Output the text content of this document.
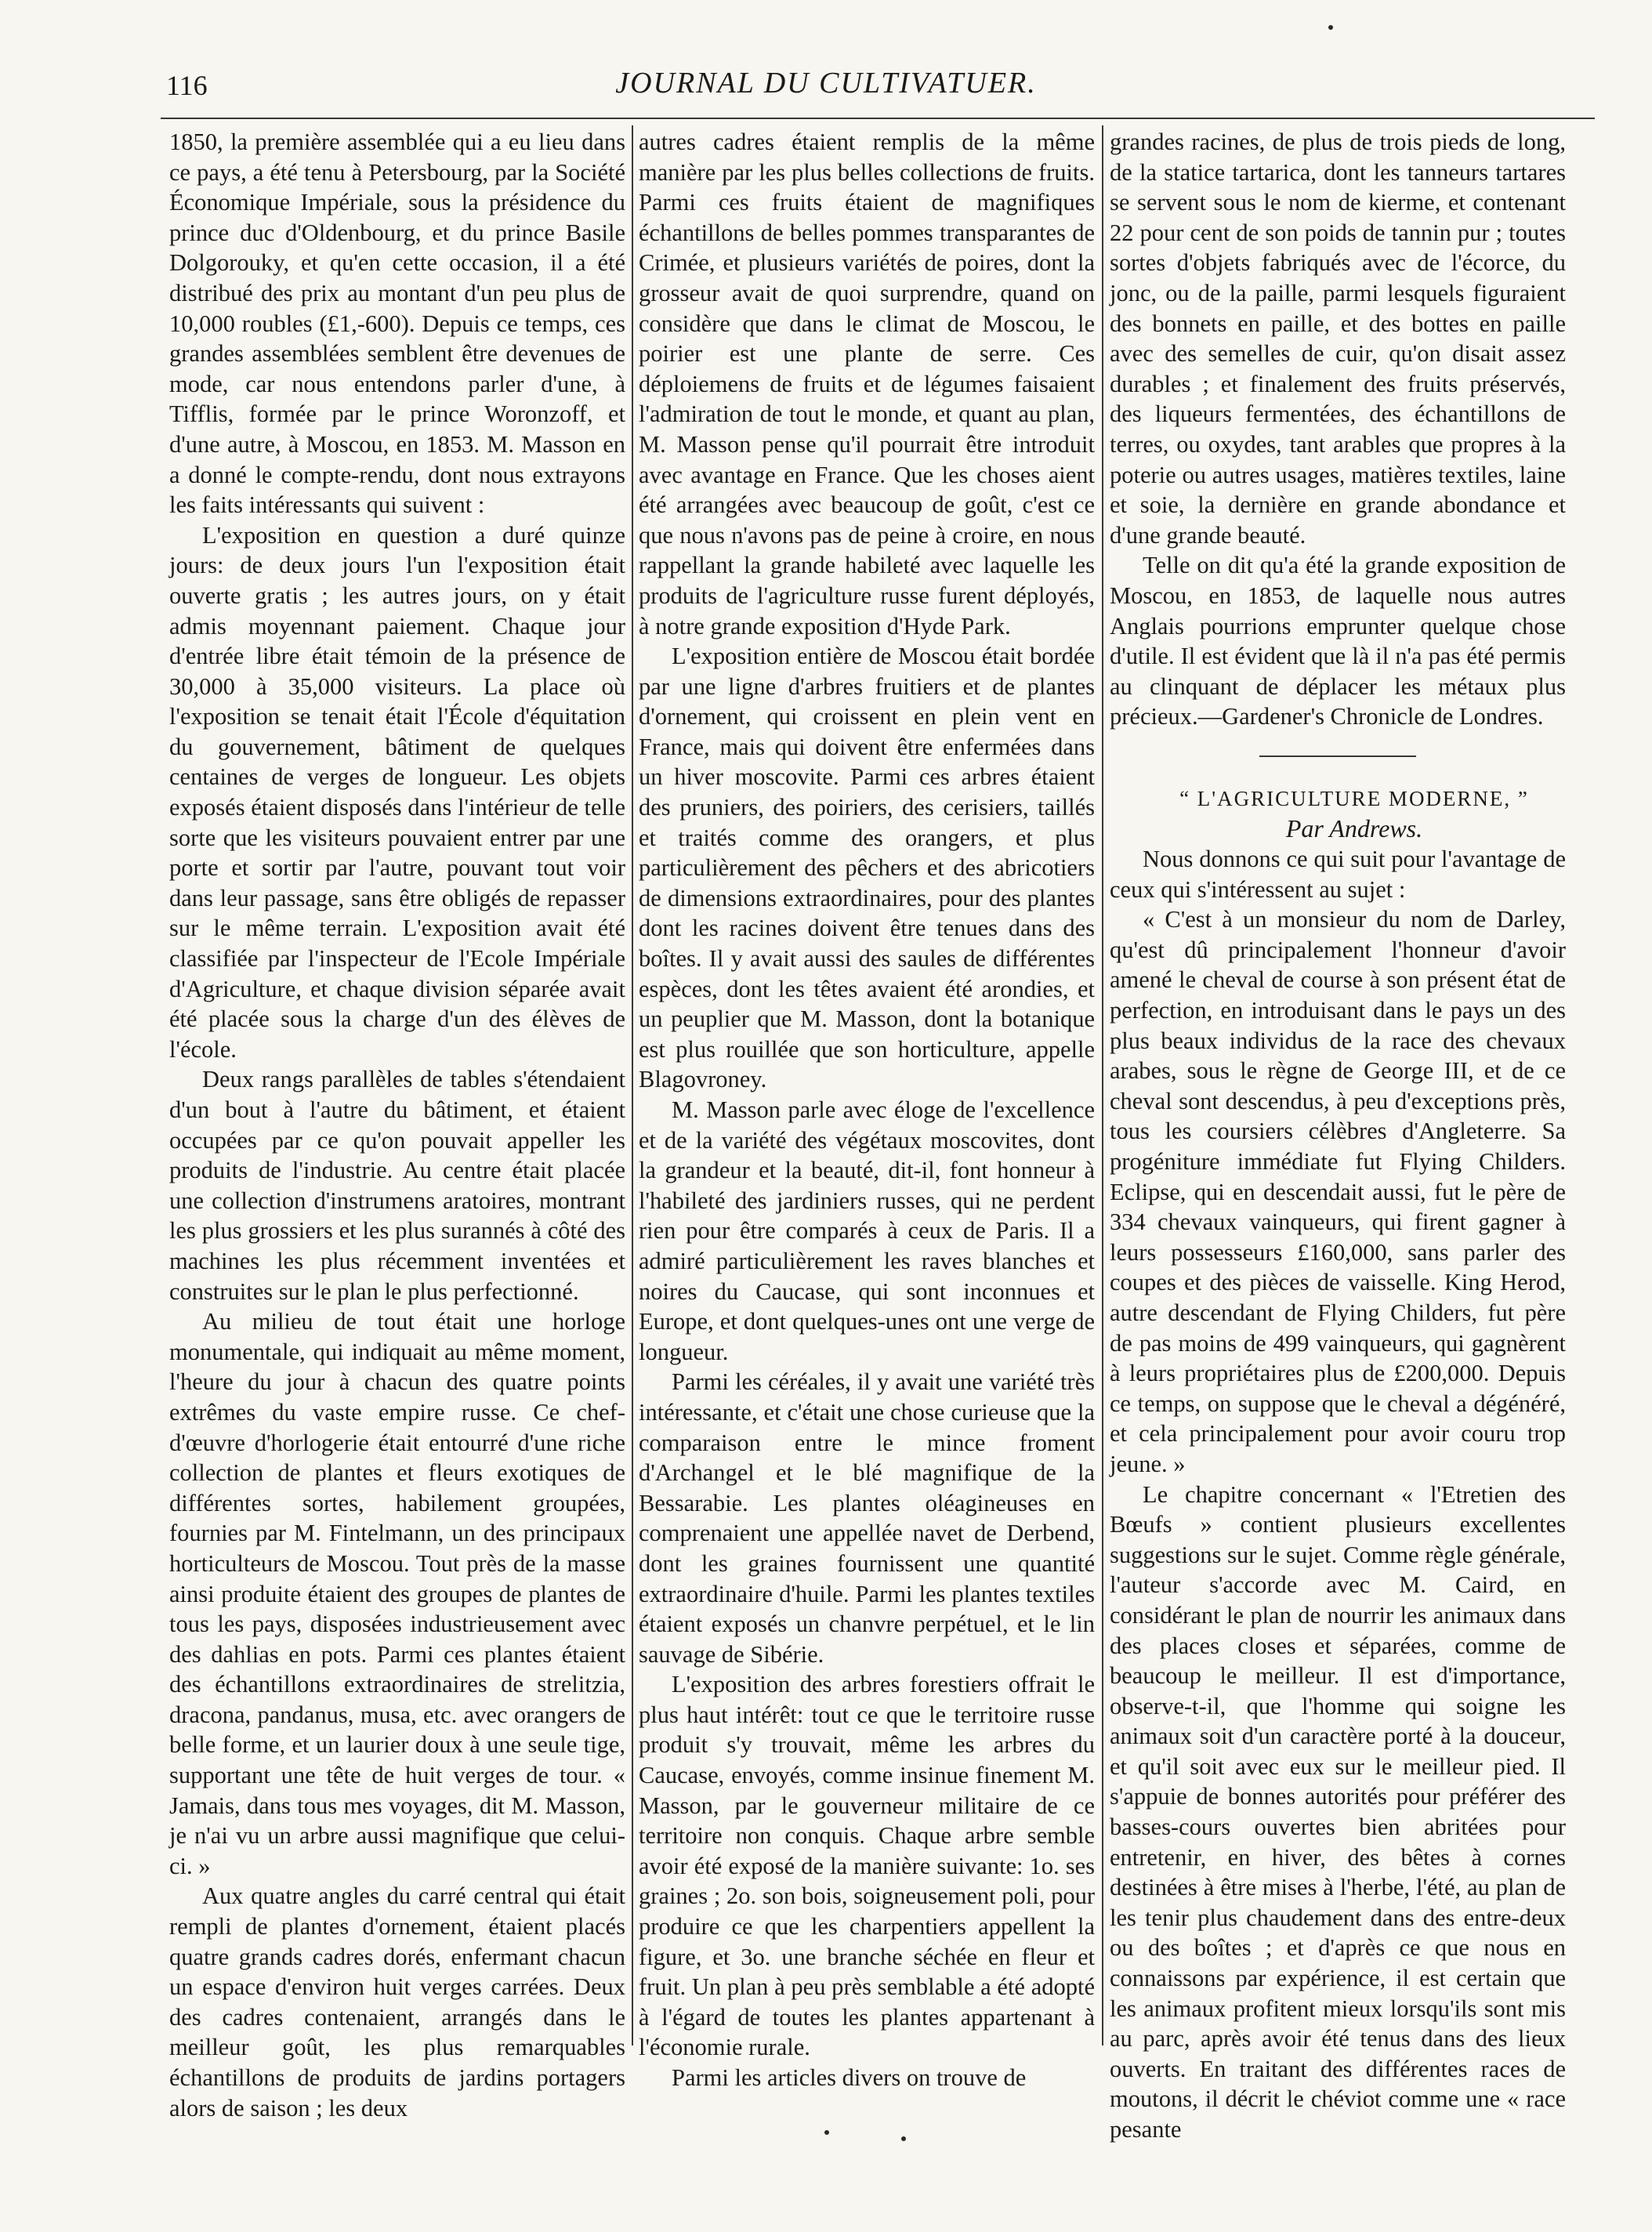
116	JOURNAL DU CULTIVATUER.

1850, la première assemblée qui a eu lieu dans ce pays, a été tenu à Petersbourg, par la Société Économique Impériale, sous la présidence du prince duc d'Oldenbourg, et du prince Basile Dolgorouky, et qu'en cette occasion, il a été distribué des prix au montant d'un peu plus de 10,000 roubles (£1,-600). Depuis ce temps, ces grandes assemblées semblent être devenues de mode, car nous entendons parler d'une, à Tifflis, formée par le prince Woronzoff, et d'une autre, à Moscou, en 1853. M. Masson en a donné le compte-rendu, dont nous extrayons les faits intéressants qui suivent :

L'exposition en question a duré quinze jours: de deux jours l'un l'exposition était ouverte gratis ; les autres jours, on y était admis moyennant paiement. Chaque jour d'entrée libre était témoin de la présence de 30,000 à 35,000 visiteurs. La place où l'exposition se tenait était l'École d'équitation du gouvernement, bâtiment de quelques centaines de verges de longueur. Les objets exposés étaient disposés dans l'intérieur de telle sorte que les visiteurs pouvaient entrer par une porte et sortir par l'autre, pouvant tout voir dans leur passage, sans être obligés de repasser sur le même terrain. L'exposition avait été classifiée par l'inspecteur de l'Ecole Impériale d'Agriculture, et chaque division séparée avait été placée sous la charge d'un des élèves de l'école.

Deux rangs parallèles de tables s'étendaient d'un bout à l'autre du bâtiment, et étaient occupées par ce qu'on pouvait appeller les produits de l'industrie. Au centre était placée une collection d'instrumens aratoires, montrant les plus grossiers et les plus surannés à côté des machines les plus récemment inventées et construites sur le plan le plus perfectionné.

Au milieu de tout était une horloge monumentale, qui indiquait au même moment, l'heure du jour à chacun des quatre points extrêmes du vaste empire russe. Ce chef-d'œuvre d'horlogerie était entourré d'une riche collection de plantes et fleurs exotiques de différentes sortes, habilement groupées, fournies par M. Fintelmann, un des principaux horticulteurs de Moscou. Tout près de la masse ainsi produite étaient des groupes de plantes de tous les pays, disposées industrieusement avec des dahlias en pots. Parmi ces plantes étaient des échantillons extraordinaires de strelitzia, dracona, pandanus, musa, etc. avec orangers de belle forme, et un laurier doux à une seule tige, supportant une tête de huit verges de tour. « Jamais, dans tous mes voyages, dit M. Masson, je n'ai vu un arbre aussi magnifique que celui-ci. »

Aux quatre angles du carré central qui était rempli de plantes d'ornement, étaient placés quatre grands cadres dorés, enfermant chacun un espace d'environ huit verges carrées. Deux des cadres contenaient, arrangés dans le meilleur goût, les plus remarquables échantillons de produits de jardins portagers alors de saison ; les deux

autres cadres étaient remplis de la même manière par les plus belles collections de fruits. Parmi ces fruits étaient de magnifiques échantillons de belles pommes transparantes de Crimée, et plusieurs variétés de poires, dont la grosseur avait de quoi surprendre, quand on considère que dans le climat de Moscou, le poirier est une plante de serre. Ces déploiemens de fruits et de légumes faisaient l'admiration de tout le monde, et quant au plan, M. Masson pense qu'il pourrait être introduit avec avantage en France. Que les choses aient été arrangées avec beaucoup de goût, c'est ce que nous n'avons pas de peine à croire, en nous rappellant la grande habileté avec laquelle les produits de l'agriculture russe furent déployés, à notre grande exposition d'Hyde Park.

L'exposition entière de Moscou était bordée par une ligne d'arbres fruitiers et de plantes d'ornement, qui croissent en plein vent en France, mais qui doivent être enfermées dans un hiver moscovite. Parmi ces arbres étaient des pruniers, des poiriers, des cerisiers, taillés et traités comme des orangers, et plus particulièrement des pêchers et des abricotiers de dimensions extraordinaires, pour des plantes dont les racines doivent être tenues dans des boîtes. Il y avait aussi des saules de différentes espèces, dont les têtes avaient été arondies, et un peuplier que M. Masson, dont la botanique est plus rouillée que son horticulture, appelle Blagovroney.

M. Masson parle avec éloge de l'excellence et de la variété des végétaux moscovites, dont la grandeur et la beauté, dit-il, font honneur à l'habileté des jardiniers russes, qui ne perdent rien pour être comparés à ceux de Paris. Il a admiré particulièrement les raves blanches et noires du Caucase, qui sont inconnues et Europe, et dont quelques-unes ont une verge de longueur.

Parmi les céréales, il y avait une variété très intéressante, et c'était une chose curieuse que la comparaison entre le mince froment d'Archangel et le blé magnifique de la Bessarabie. Les plantes oléagineuses en comprenaient une appellée navet de Derbend, dont les graines fournissent une quantité extraordinaire d'huile. Parmi les plantes textiles étaient exposés un chanvre perpétuel, et le lin sauvage de Sibérie.

L'exposition des arbres forestiers offrait le plus haut intérêt: tout ce que le territoire russe produit s'y trouvait, même les arbres du Caucase, envoyés, comme insinue finement M. Masson, par le gouverneur militaire de ce territoire non conquis. Chaque arbre semble avoir été exposé de la manière suivante: 1o. ses graines ; 2o. son bois, soigneusement poli, pour produire ce que les charpentiers appellent la figure, et 3o. une branche séchée en fleur et fruit. Un plan à peu près semblable a été adopté à l'égard de toutes les plantes appartenant à l'économie rurale.

Parmi les articles divers on trouve de

grandes racines, de plus de trois pieds de long, de la statice tartarica, dont les tanneurs tartares se servent sous le nom de kierme, et contenant 22 pour cent de son poids de tannin pur ; toutes sortes d'objets fabriqués avec de l'écorce, du jonc, ou de la paille, parmi lesquels figuraient des bonnets en paille, et des bottes en paille avec des semelles de cuir, qu'on disait assez durables ; et finalement des fruits préservés, des liqueurs fermentées, des échantillons de terres, ou oxydes, tant arables que propres à la poterie ou autres usages, matières textiles, laine et soie, la dernière en grande abondance et d'une grande beauté.

Telle on dit qu'a été la grande exposition de Moscou, en 1853, de laquelle nous autres Anglais pourrions emprunter quelque chose d'utile. Il est évident que là il n'a pas été permis au clinquant de déplacer les métaux plus précieux.—Gardener's Chronicle de Londres.

“ L'AGRICULTURE MODERNE, ”

Par Andrews.

Nous donnons ce qui suit pour l'avantage de ceux qui s'intéressent au sujet :

« C'est à un monsieur du nom de Darley, qu'est dû principalement l'honneur d'avoir amené le cheval de course à son présent état de perfection, en introduisant dans le pays un des plus beaux individus de la race des chevaux arabes, sous le règne de George III, et de ce cheval sont descendus, à peu d'exceptions près, tous les coursiers célèbres d'Angleterre. Sa progéniture immédiate fut Flying Childers. Eclipse, qui en descendait aussi, fut le père de 334 chevaux vainqueurs, qui firent gagner à leurs possesseurs £160,000, sans parler des coupes et des pièces de vaisselle. King Herod, autre descendant de Flying Childers, fut père de pas moins de 499 vainqueurs, qui gagnèrent à leurs propriétaires plus de £200,000. Depuis ce temps, on suppose que le cheval a dégénéré, et cela principalement pour avoir couru trop jeune. »

Le chapitre concernant « l'Etretien des Bœufs » contient plusieurs excellentes suggestions sur le sujet. Comme règle générale, l'auteur s'accorde avec M. Caird, en considérant le plan de nourrir les animaux dans des places closes et séparées, comme de beaucoup le meilleur. Il est d'importance, observe-t-il, que l'homme qui soigne les animaux soit d'un caractère porté à la douceur, et qu'il soit avec eux sur le meilleur pied. Il s'appuie de bonnes autorités pour préférer des basses-cours ouvertes bien abritées pour entretenir, en hiver, des bêtes à cornes destinées à être mises à l'herbe, l'été, au plan de les tenir plus chaudement dans des entre-deux ou des boîtes ; et d'après ce que nous en connaissons par expérience, il est certain que les animaux profitent mieux lorsqu'ils sont mis au parc, après avoir été tenus dans des lieux ouverts. En traitant des différentes races de moutons, il décrit le chéviot comme une « race pesante
